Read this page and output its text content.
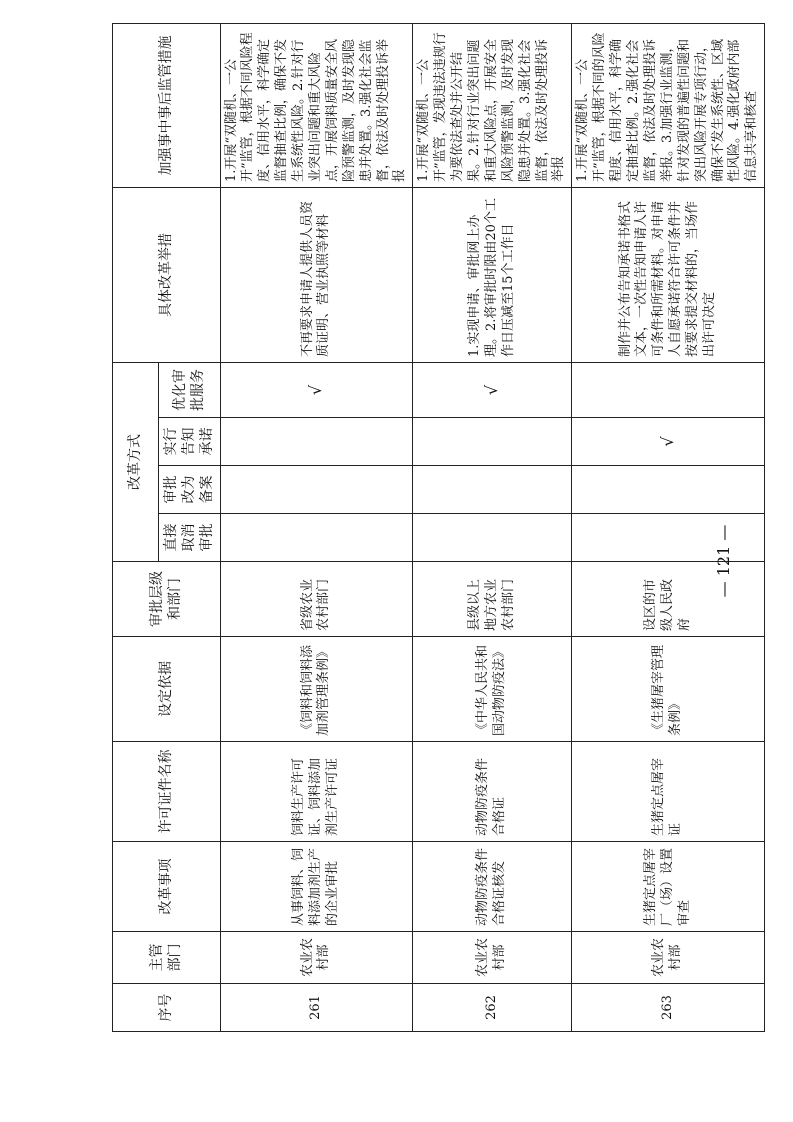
序号	主管部门	改革事项	许可证件名称	设定依据	审批层级和部门	改革方式				具体改革举措	加强事中事后监管措施
						直接取消审批	审批改为备案	实行告知承诺	优化审批服务		
261	农业农村部	从事饲料、饲料添加剂生产的企业审批	饲料生产许可证、饲料添加剂生产许可证	《饲料和饲料添加剂管理条例》	省级农业农村部门				√	不再要求申请人提供人员资质证明、营业执照等材料	1.开展“双随机、一公开”监管，根据不同风险程度、信用水平，科学确定监督抽查比例，确保不发生系统性风险。2.针对行业突出问题和重大风险点，开展饲料质量安全风险预警监测，及时发现隐患并处置。3.强化社会监督，依法及时处理投诉举报
262	农业农村部	动物防疫条件合格证核发	动物防疫条件合格证	《中华人民共和国动物防疫法》	县级以上地方农业农村部门				√	1.实现申请、审批网上办理。2.将审批时限由20个工作日压减至15个工作日	1.开展“双随机、一公开”监管，发现违法违规行为要依法查处并公开结果。2.针对行业突出问题和重大风险点，开展安全风险预警监测，及时发现隐患并处置。3.强化社会监督，依法及时处理投诉举报
263	农业农村部	生猪定点屠宰厂（场）设置审查	生猪定点屠宰证	《生猪屠宰管理条例》	设区的市级人民政府			√		制作并公布告知承诺书格式文本，一次性告知申请人许可条件和所需材料。对申请人自愿承诺符合许可条件并按要求提交材料的，当场作出许可决定	1.开展“双随机、一公开”监管，根据不同的风险程度、信用水平，科学确定抽查比例。2.强化社会监督，依法及时处理投诉举报。3.加强行业监测，针对发现的普遍性问题和突出风险开展专项行动，确保不发生系统性、区域性风险。4.强化政府内部信息共享和核查
— 121 —
